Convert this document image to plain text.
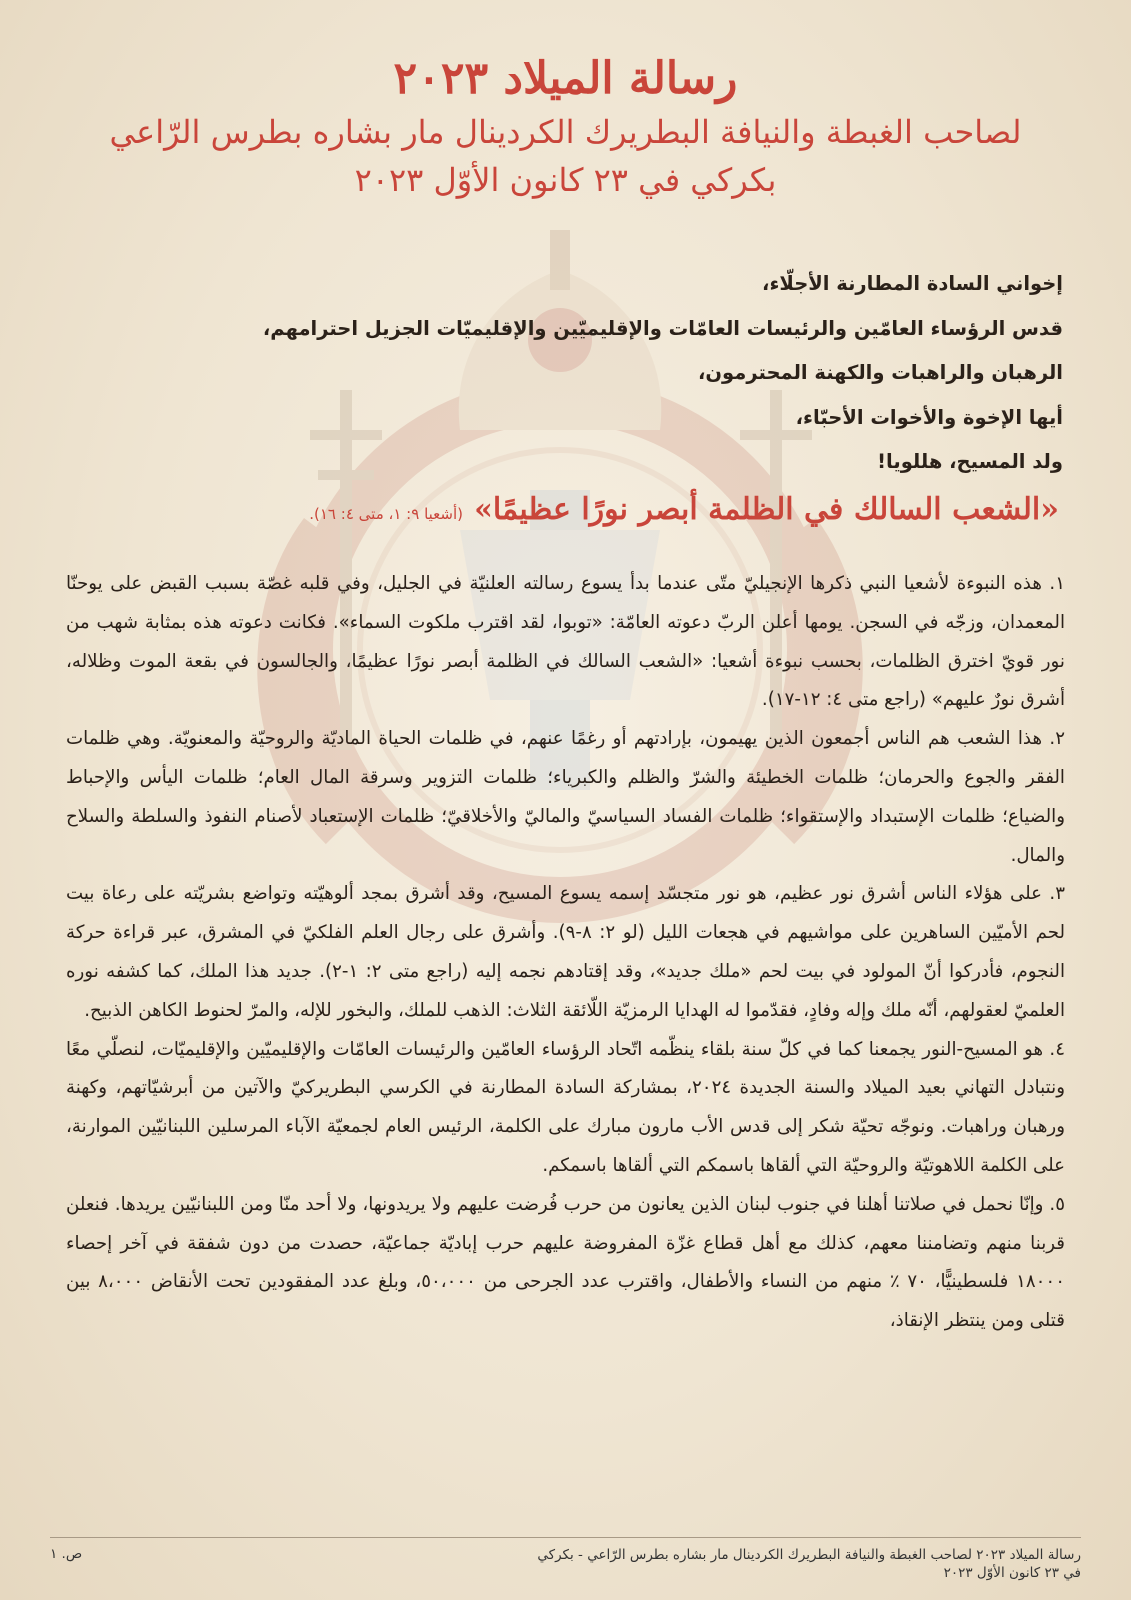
رسالة الميلاد ٢٠٢٣
لصاحب الغبطة والنيافة البطريرك الكردينال مار بشاره بطرس الرّاعي
بكركي في ٢٣ كانون الأوّل ٢٠٢٣
إخواني السادة المطارنة الأجلّاء،
قدس الرؤساء العامّين والرئيسات العامّات والإقليميّين والإقليميّات الجزيل احترامهم،
الرهبان والراهبات والكهنة المحترمون،
أيها الإخوة والأخوات الأحبّاء،
ولد المسيح، هللويا!
«الشعب السالك في الظلمة أبصر نورًا عظيمًا» (أشعيا ٩: ١، متى ٤: ١٦).

١. هذه النبوءة لأشعيا النبي ذكرها الإنجيليّ متّى عندما بدأ يسوع رسالته العلنيّة في الجليل، وفي قلبه غصّة بسبب القبض على يوحنّا المعمدان، وزجّه في السجن. يومها أعلن الربّ دعوته العامّة: «توبوا، لقد اقترب ملكوت السماء». فكانت دعوته هذه بمثابة شهب من نور قويّ اخترق الظلمات، بحسب نبوءة أشعيا: «الشعب السالك في الظلمة أبصر نورًا عظيمًا، والجالسون في بقعة الموت وظلاله، أشرق نورٌ عليهم» (راجع متى ٤: ١٢-١٧).

٢. هذا الشعب هم الناس أجمعون الذين يهيمون، بإرادتهم أو رغمًا عنهم، في ظلمات الحياة الماديّة والروحيّة والمعنويّة. وهي ظلمات الفقر والجوع والحرمان؛ ظلمات الخطيئة والشرّ والظلم والكبرياء؛ ظلمات التزوير وسرقة المال العام؛ ظلمات اليأس والإحباط والضياع؛ ظلمات الإستبداد والإستقواء؛ ظلمات الفساد السياسيّ والماليّ والأخلاقيّ؛ ظلمات الإستعباد لأصنام النفوذ والسلطة والسلاح والمال.

٣. على هؤلاء الناس أشرق نور عظيم، هو نور متجسّد إسمه يسوع المسيح، وقد أشرق بمجد ألوهيّته وتواضع بشريّته على رعاة بيت لحم الأميّين الساهرين على مواشيهم في هجعات الليل (لو ٢: ٨-٩). وأشرق على رجال العلم الفلكيّ في المشرق، عبر قراءة حركة النجوم، فأدركوا أنّ المولود في بيت لحم «ملك جديد»، وقد إقتادهم نجمه إليه (راجع متى ٢: ١-٢). جديد هذا الملك، كما كشفه نوره العلميّ لعقولهم، أنّه ملك وإله وفادٍ، فقدّموا له الهدايا الرمزيّة اللّائقة الثلاث: الذهب للملك، والبخور للإله، والمرّ لحنوط الكاهن الذبيح.

٤. هو المسيح-النور يجمعنا كما في كلّ سنة بلقاء ينظّمه اتّحاد الرؤساء العامّين والرئيسات العامّات والإقليميّين والإقليميّات، لنصلّي معًا ونتبادل التهاني بعيد الميلاد والسنة الجديدة ٢٠٢٤، بمشاركة السادة المطارنة في الكرسي البطريركيّ والآتين من أبرشيّاتهم، وكهنة ورهبان وراهبات. ونوجّه تحيّة شكر إلى قدس الأب مارون مبارك على الكلمة، الرئيس العام لجمعيّة الآباء المرسلين اللبنانيّين الموارنة، على الكلمة اللاهوتيّة والروحيّة التي ألقاها باسمكم التي ألقاها باسمكم.

٥. وإنّا نحمل في صلاتنا أهلنا في جنوب لبنان الذين يعانون من حرب فُرضت عليهم ولا يريدونها، ولا أحد منّا ومن اللبنانيّين يريدها. فنعلن قربنا منهم وتضامننا معهم، كذلك مع أهل قطاع غزّة المفروضة عليهم حرب إباديّة جماعيّة، حصدت من دون شفقة في آخر إحصاء ١٨٠٠٠ فلسطينيًّا، ٧٠ ٪ منهم من النساء والأطفال، واقترب عدد الجرحى من ٥٠،٠٠٠، وبلغ عدد المفقودين تحت الأنقاض ٨،٠٠٠ بين قتلى ومن ينتظر الإنقاذ،

رسالة الميلاد ٢٠٢٣ لصاحب الغبطة والنيافة البطريرك الكردينال مار بشاره بطرس الرّاعي - بكركي في ٢٣ كانون الأوّل ٢٠٢٣
ص. ١
